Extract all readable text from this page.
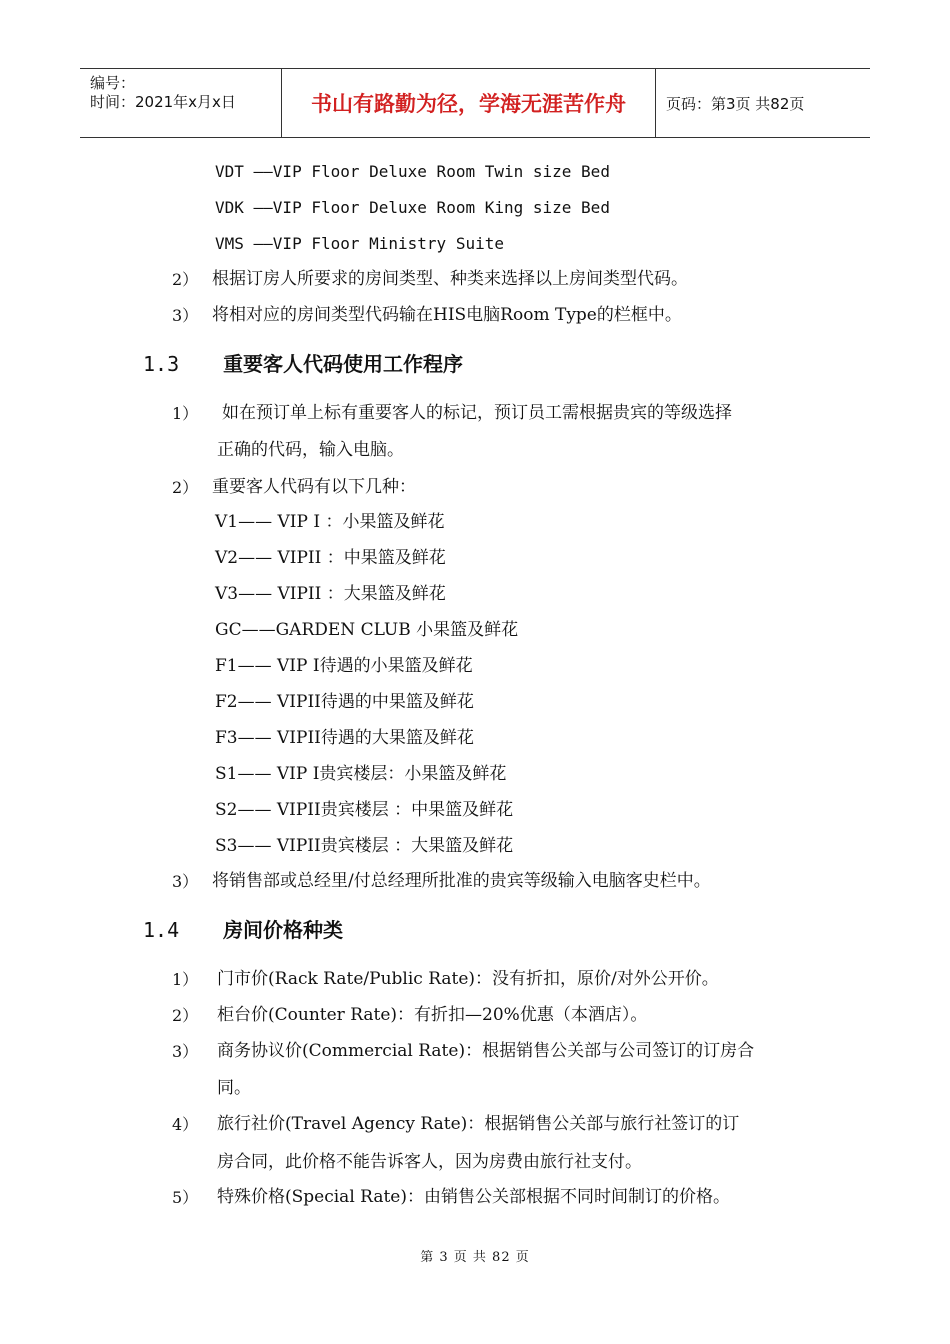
编号：
时间：2021年x月x日	书山有路勤为径，学海无涯苦作舟	页码：第3页 共82页
VDT ——VIP Floor Deluxe Room Twin size Bed
VDK ——VIP Floor Deluxe Room King size Bed
VMS ——VIP Floor Ministry Suite
2） 根据订房人所要求的房间类型、种类来选择以上房间类型代码。
3） 将相对应的房间类型代码输在HIS电脑Room Type的栏框中。
1.3 重要客人代码使用工作程序
1） 如在预订单上标有重要客人的标记，预订员工需根据贵宾的等级选择
正确的代码，输入电脑。
2） 重要客人代码有以下几种：
V1—— VIP I ：小果篮及鲜花
V2—— VIPII ：中果篮及鲜花
V3—— VIPII ：大果篮及鲜花
GC——GARDEN CLUB 小果篮及鲜花
F1—— VIP I待遇的小果篮及鲜花
F2—— VIPII待遇的中果篮及鲜花
F3—— VIPII待遇的大果篮及鲜花
S1—— VIP I贵宾楼层：小果篮及鲜花
S2—— VIPII贵宾楼层 ：中果篮及鲜花
S3—— VIPII贵宾楼层 ：大果篮及鲜花
3） 将销售部或总经里/付总经理所批准的贵宾等级输入电脑客史栏中。
1.4 房间价格种类
1） 门市价(Rack Rate/Public Rate)：没有折扣，原价/对外公开价。
2） 柜台价(Counter Rate)：有折扣—20%优惠（本酒店）。
3） 商务协议价(Commercial Rate)：根据销售公关部与公司签订的订房合
同。
4） 旅行社价(Travel Agency Rate)：根据销售公关部与旅行社签订的订
房合同，此价格不能告诉客人，因为房费由旅行社支付。
5） 特殊价格(Special Rate)：由销售公关部根据不同时间制订的价格。
第 3 页 共 82 页
